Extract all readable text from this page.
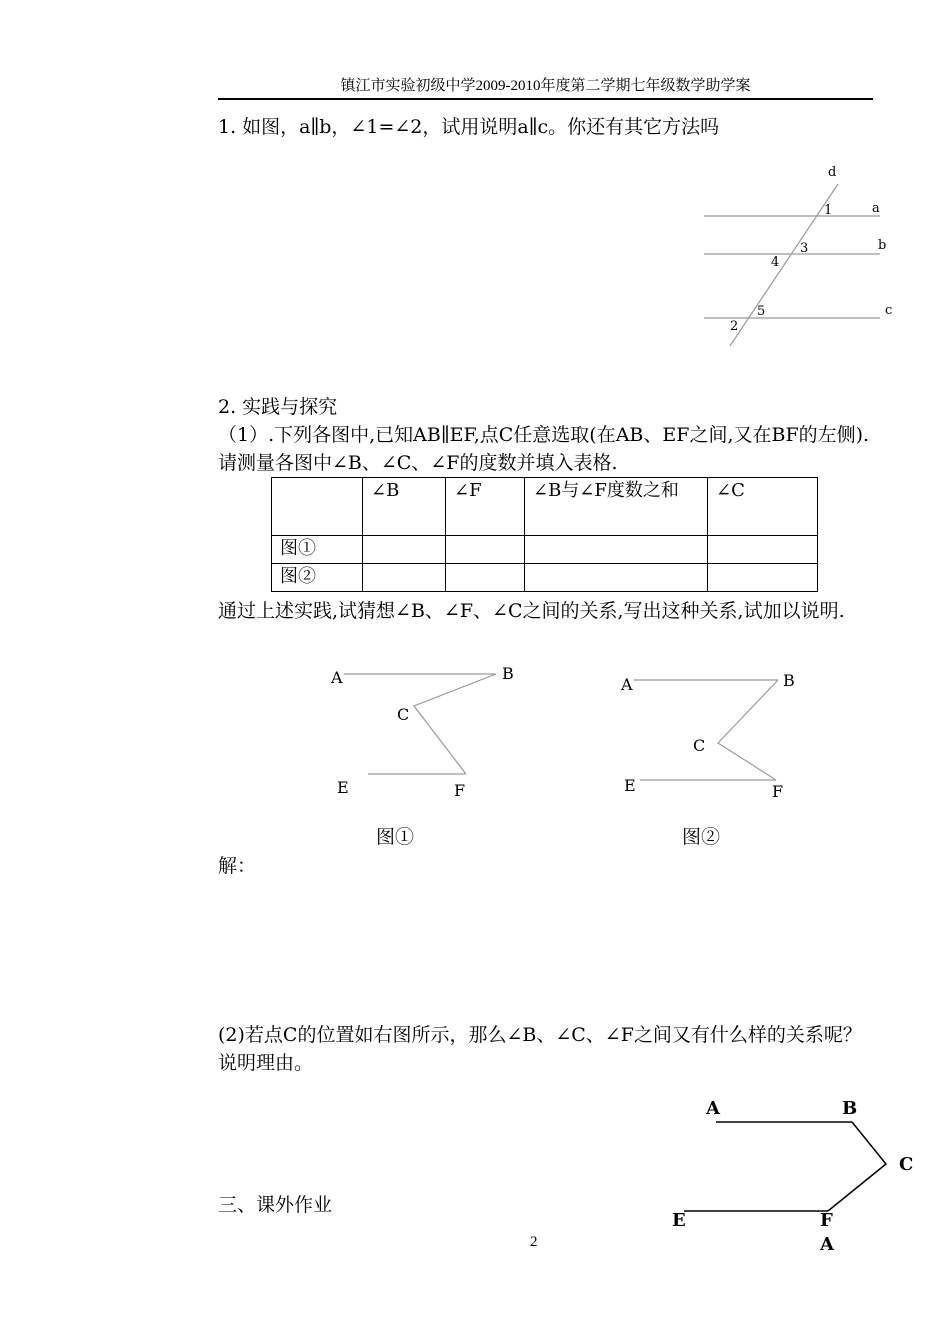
镇江市实验初级中学2009-2010年度第二学期七年级数学助学案
1. 如图，a∥b，∠1=∠2，试用说明a∥c。你还有其它方法吗
a
b
c
d
1
2
3
4
5
2. 实践与探究
（1）.下列各图中,已知AB∥EF,点C任意选取(在AB、EF之间,又在BF的左侧).请测量各图中∠B、∠C、∠F的度数并填入表格.
	∠B	∠F	∠B与∠F度数之和	∠C
图①				
图②				
通过上述实践,试猜想∠B、∠F、∠C之间的关系,写出这种关系,试加以说明.
A	B
C
E	F
图①
A	B
C
E	F
图②
解：
(2)若点C的位置如右图所示，那么∠B、∠C、∠F之间又有什么样的关系呢？说明理由。
A	B
C
E	F
A
三、课外作业
2
